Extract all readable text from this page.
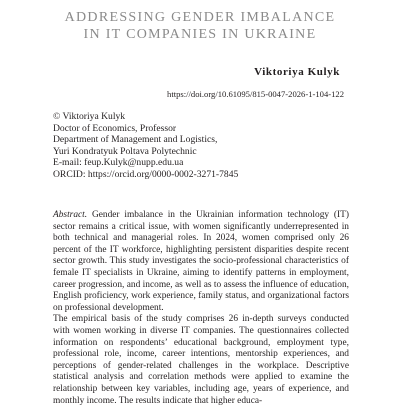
ADDRESSING GENDER IMBALANCE
IN IT COMPANIES IN UKRAINE
Viktoriya Kulyk
https://doi.org/10.61095/815-0047-2026-1-104-122
© Viktoriya Kulyk
Doctor of Economics, Professor
Department of Management and Logistics,
Yuri Kondratyuk Poltava Polytechnic
E-mail: feup.Kulyk@nupp.edu.ua
ORCID: https://orcid.org/0000-0002-3271-7845

Abstract. Gender imbalance in the Ukrainian information technology (IT) sector remains a critical issue, with women significantly underrepresented in both technical and managerial roles. In 2024, women comprised only 26 percent of the IT workforce, highlighting persistent disparities despite recent sector growth. This study investigates the socio-professional characteristics of female IT specialists in Ukraine, aiming to identify patterns in employment, career progression, and income, as well as to assess the influence of education, English proficiency, work experience, family status, and organizational factors on professional development.

The empirical basis of the study comprises 26 in-depth surveys conducted with women working in diverse IT companies. The questionnaires collected information on respondents’ educational background, employment type, professional role, income, career intentions, mentorship experiences, and perceptions of gender-related challenges in the workplace. Descriptive statistical analysis and correlation methods were applied to examine the relationship between key variables, including age, years of experience, and monthly income. The results indicate that higher educa-
